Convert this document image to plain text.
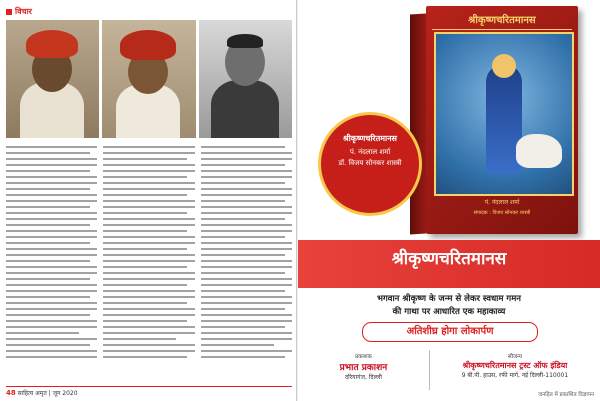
विचार
48 साहित्य अमृत | जून 2020
श्रीकृष्णचरितमानस
पं. नंदलाल शर्मा
संपादक : विजय सोनकर शास्त्री
श्रीकृष्णचरितमानस
पं. नंदलाल शर्मा
डॉ. विजय सोनकर शास्त्री
श्रीकृष्णचरितमानस
भगवान श्रीकृष्ण के जन्म से लेकर स्वधाम गमन
की गाथा पर आधारित एक महाकाव्य
अतिशीघ्र होगा लोकार्पण
प्रकाशक
प्रभात प्रकाशन
दरियागंज, दिल्ली
सौजन्य
श्रीकृष्णचरितमानस ट्रस्ट ऑफ इंडिया
9 बी.पी. हाउस, रफी मार्ग, नई दिल्ली-110001
जनहित में प्रकाशित विज्ञापन
